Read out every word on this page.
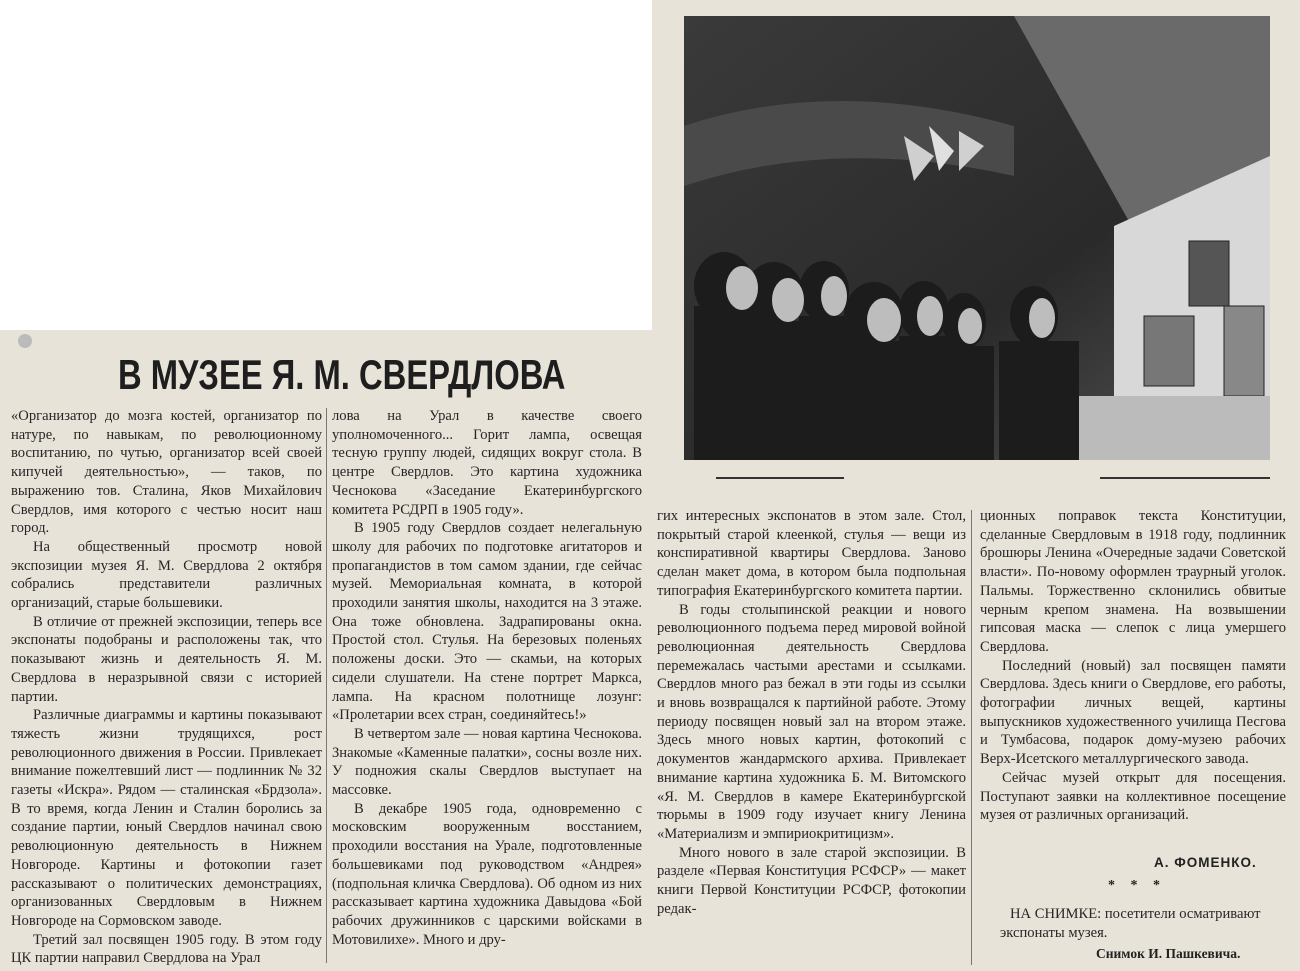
В МУЗЕЕ Я. М. СВЕРДЛОВА

«Организатор до мозга костей, организатор по натуре, по навыкам, по революционному воспитанию, по чутью, организатор всей своей кипучей деятельностью», — таков, по выражению тов. Сталина, Яков Михайлович Свердлов, имя которого с честью носит наш город.

На общественный просмотр новой экспозиции музея Я. М. Свердлова 2 октября собрались представители различных организаций, старые большевики.

В отличие от прежней экспозиции, теперь все экспонаты подобраны и расположены так, что показывают жизнь и деятельность Я. М. Свердлова в неразрывной связи с историей партии.

Различные диаграммы и картины показывают тяжесть жизни трудящихся, рост революционного движения в России. Привлекает внимание пожелтевший лист — подлинник № 32 газеты «Искра». Рядом — сталинская «Брдзола». В то время, когда Ленин и Сталин боролись за создание партии, юный Свердлов начинал свою революционную деятельность в Нижнем Новгороде. Картины и фотокопии газет рассказывают о политических демонстрациях, организованных Свердловым в Нижнем Новгороде на Сормовском заводе.

Третий зал посвящен 1905 году. В этом году ЦК партии направил Свердлова на Урал

лова на Урал в качестве своего уполномоченного... Горит лампа, освещая тесную группу людей, сидящих вокруг стола. В центре Свердлов. Это картина художника Чеснокова «Заседание Екатеринбургского комитета РСДРП в 1905 году».

В 1905 году Свердлов создает нелегальную школу для рабочих по подготовке агитаторов и пропагандистов в том самом здании, где сейчас музей. Мемориальная комната, в которой проходили занятия школы, находится на 3 этаже. Она тоже обновлена. Задрапированы окна. Простой стол. Стулья. На березовых поленьях положены доски. Это — скамьи, на которых сидели слушатели. На стене портрет Маркса, лампа. На красном полотнище лозунг: «Пролетарии всех стран, соединяйтесь!»

В четвертом зале — новая картина Чеснокова. Знакомые «Каменные палатки», сосны возле них. У подножия скалы Свердлов выступает на массовке.

В декабре 1905 года, одновременно с московским вооруженным восстанием, проходили восстания на Урале, подготовленные большевиками под руководством «Андрея» (подпольная кличка Свердлова). Об одном из них рассказывает картина художника Давыдова «Бой рабочих дружинников с царскими войсками в Мотовилихе». Много и дру-

гих интересных экспонатов в этом зале. Стол, покрытый старой клеенкой, стулья — вещи из конспиративной квартиры Свердлова. Заново сделан макет дома, в котором была подпольная типография Екатеринбургского комитета партии.

В годы столыпинской реакции и нового революционного подъема перед мировой войной революционная деятельность Свердлова перемежалась частыми арестами и ссылками. Свердлов много раз бежал в эти годы из ссылки и вновь возвращался к партийной работе. Этому периоду посвящен новый зал на втором этаже. Здесь много новых картин, фотокопий с документов жандармского архива. Привлекает внимание картина художника Б. М. Витомского «Я. М. Свердлов в камере Екатеринбургской тюрьмы в 1909 году изучает книгу Ленина «Материализм и эмпириокритицизм».

Много нового в зале старой экспозиции. В разделе «Первая Конституция РСФСР» — макет книги Первой Конституции РСФСР, фотокопии редак-

ционных поправок текста Конституции, сделанные Свердловым в 1918 году, подлинник брошюры Ленина «Очередные задачи Советской власти». По-новому оформлен траурный уголок. Пальмы. Торжественно склонились обвитые черным крепом знамена. На возвышении гипсовая маска — слепок с лица умершего Свердлова.

Последний (новый) зал посвящен памяти Свердлова. Здесь книги о Свердлове, его работы, фотографии личных вещей, картины выпускников художественного училища Песгова и Тумбасова, подарок дому-музею рабочих Верх-Исетского металлургического завода.

Сейчас музей открыт для посещения. Поступают заявки на коллективное посещение музея от различных организаций.

А. ФОМЕНКО.
* * *
НА СНИМКЕ: посетители осматривают экспонаты музея.
Снимок И. Пашкевича.
